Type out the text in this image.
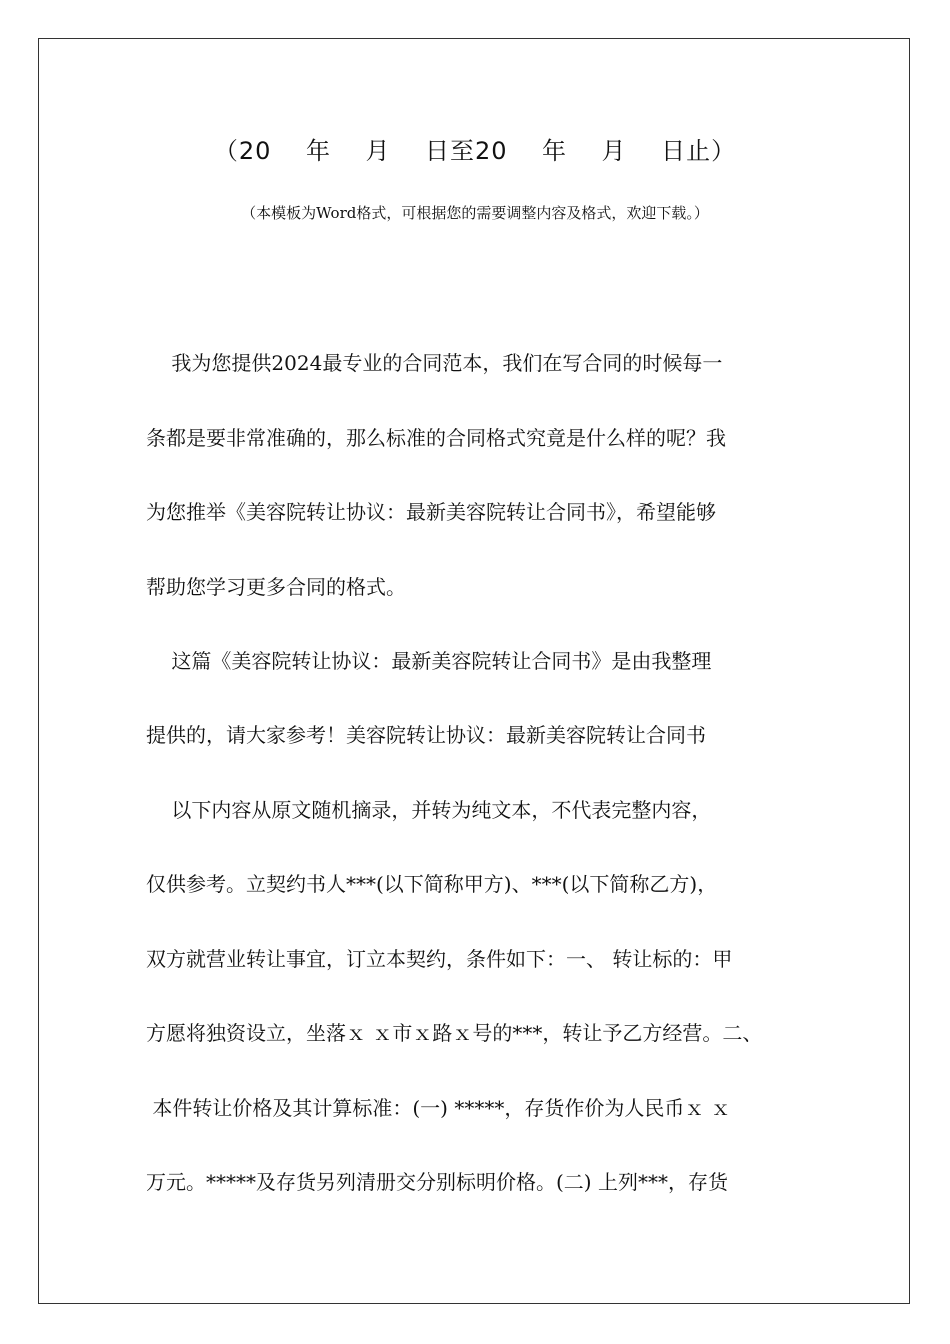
（20    年    月    日至20    年    月    日止）
（本模板为Word格式，可根据您的需要调整内容及格式，欢迎下载。）
我为您提供2024最专业的合同范本，我们在写合同的时候每一
条都是要非常准确的，那么标准的合同格式究竟是什么样的呢？我
为您推举《美容院转让协议：最新美容院转让合同书》，希望能够
帮助您学习更多合同的格式。
这篇《美容院转让协议：最新美容院转让合同书》是由我整理
提供的，请大家参考！美容院转让协议：最新美容院转让合同书
以下内容从原文随机摘录，并转为纯文本，不代表完整内容，
仅供参考。立契约书人***(以下简称甲方)、***(以下简称乙方)，
双方就营业转让事宜，订立本契约，条件如下：一、 转让标的：甲
方愿将独资设立，坐落ｘ ｘ市ｘ路ｘ号的***，转让予乙方经营。二、
本件转让价格及其计算标准：(一) *****，存货作价为人民币ｘ ｘ
万元。*****及存货另列清册交分别标明价格。(二) 上列***，存货
